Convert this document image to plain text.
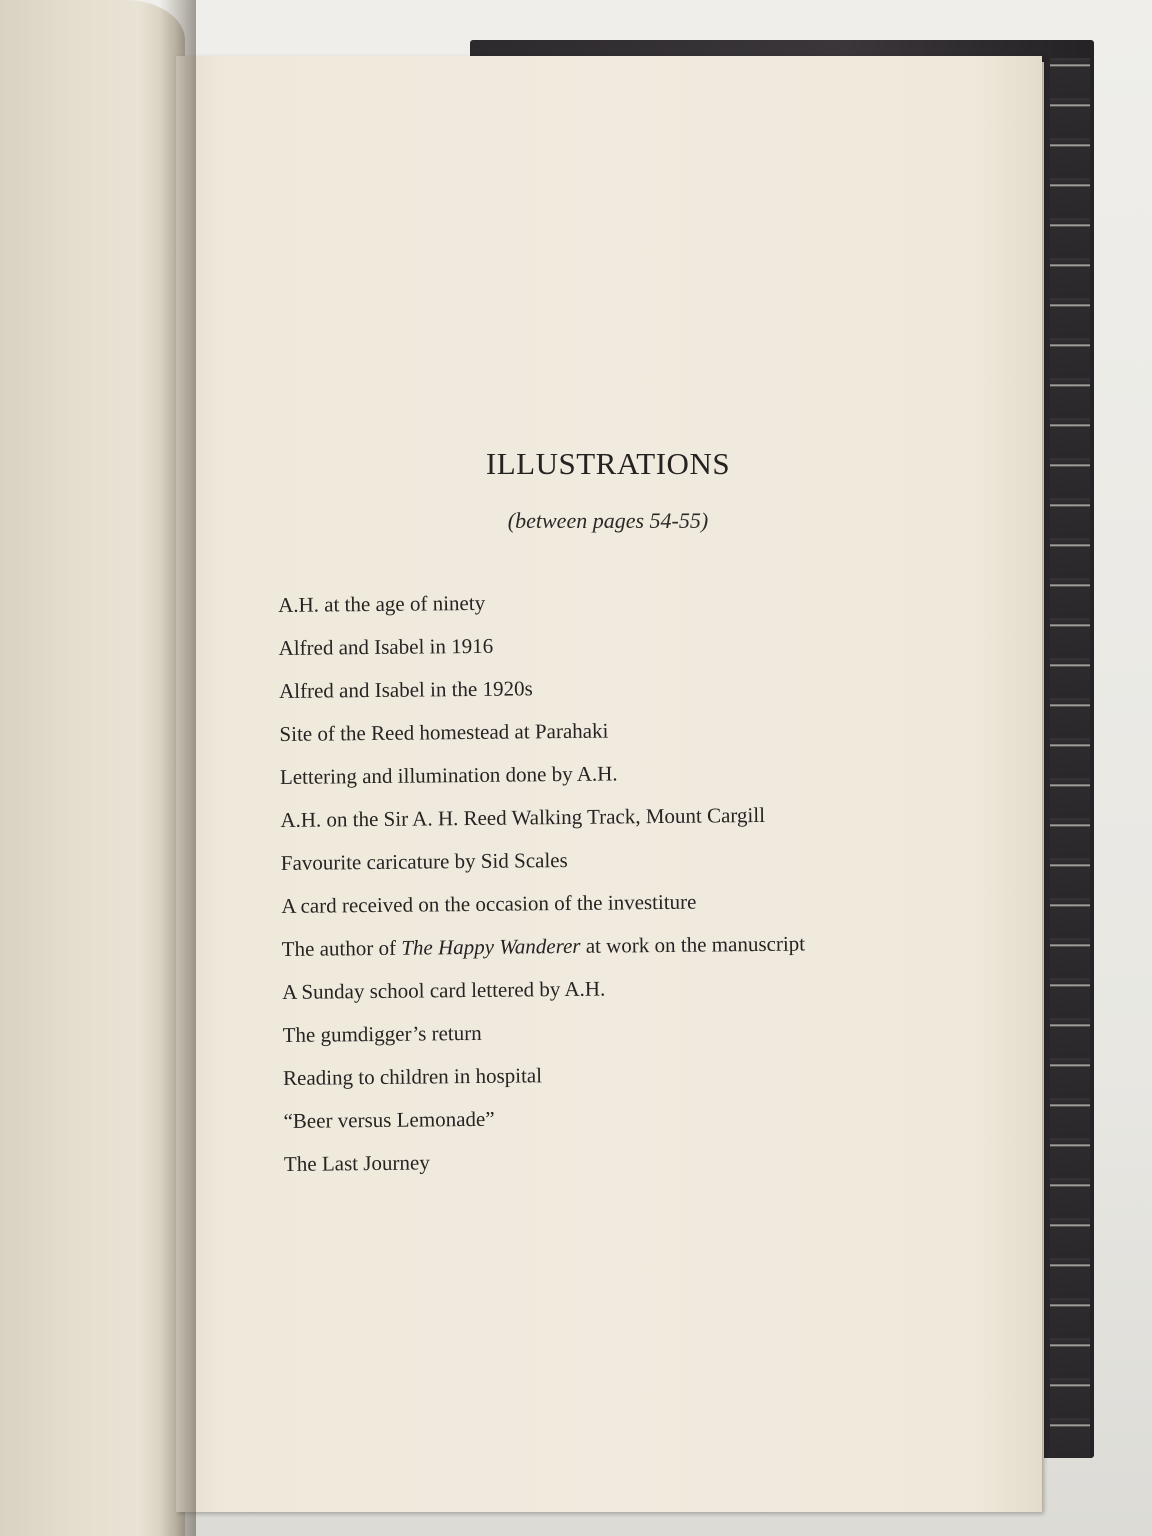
ILLUSTRATIONS

(between pages 54-55)

A.H. at the age of ninety
Alfred and Isabel in 1916
Alfred and Isabel in the 1920s
Site of the Reed homestead at Parahaki
Lettering and illumination done by A.H.
A.H. on the Sir A. H. Reed Walking Track, Mount Cargill
Favourite caricature by Sid Scales
A card received on the occasion of the investiture
The author of The Happy Wanderer at work on the manuscript
A Sunday school card lettered by A.H.
The gumdigger’s return
Reading to children in hospital
“Beer versus Lemonade”
The Last Journey
